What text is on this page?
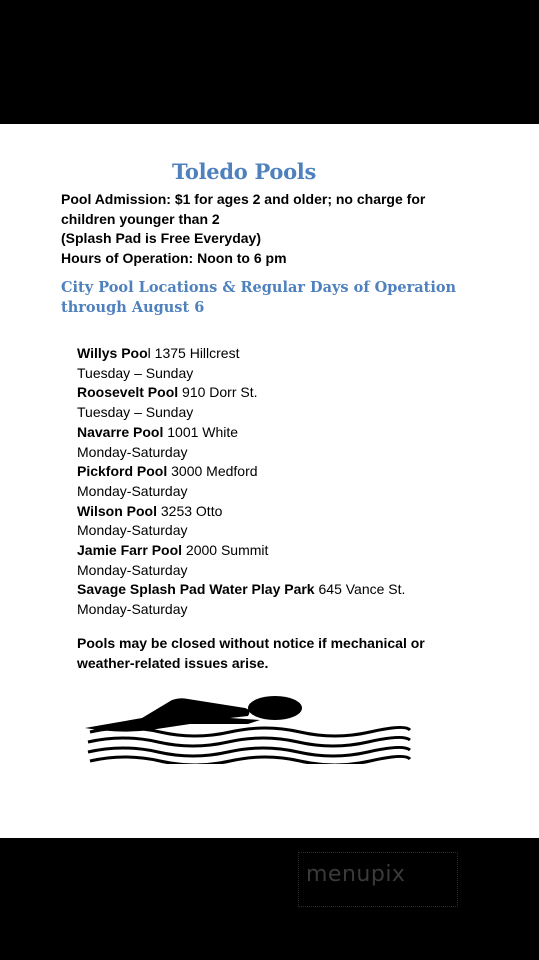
Toledo Pools
Pool Admission: $1 for ages 2 and older; no charge for
children younger than 2
(Splash Pad is Free Everyday)
Hours of Operation: Noon to 6 pm
City Pool Locations & Regular Days of Operation
through August 6
Willys Pool 1375 Hillcrest
Tuesday – Sunday
Roosevelt Pool 910 Dorr St.
Tuesday – Sunday
Navarre Pool 1001 White
Monday-Saturday
Pickford Pool 3000 Medford
Monday-Saturday
Wilson Pool 3253 Otto
Monday-Saturday
Jamie Farr Pool 2000 Summit
Monday-Saturday
Savage Splash Pad Water Play Park 645 Vance St.
Monday-Saturday
Pools may be closed without notice if mechanical or
weather-related issues arise.
menupix
